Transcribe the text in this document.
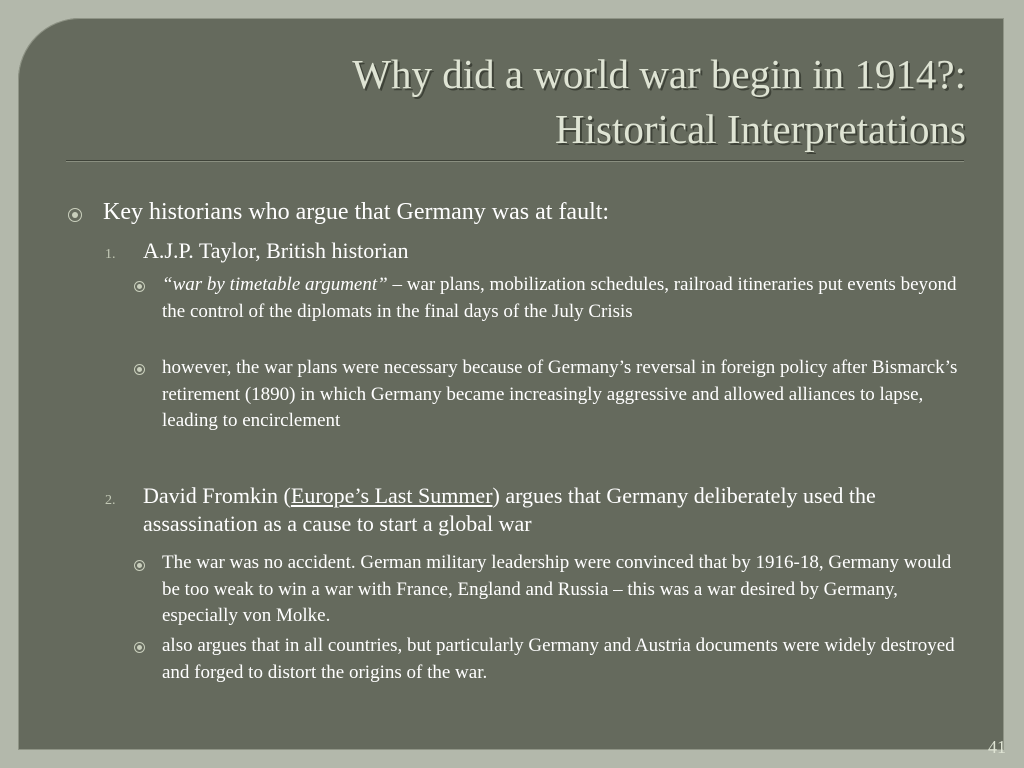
Why did a world war begin in 1914?:
Historical Interpretations
Key historians who argue that Germany was at fault:
1. A.J.P. Taylor, British historian
“war by timetable argument” – war plans, mobilization schedules, railroad itineraries put events beyond the control of the diplomats in the final days of the July Crisis
however, the war plans were necessary because of Germany’s reversal in foreign policy after Bismarck’s retirement (1890) in which Germany became increasingly aggressive and allowed alliances to lapse, leading to encirclement
2. David Fromkin (Europe’s Last Summer) argues that Germany deliberately used the assassination as a cause to start a global war
The war was no accident. German military leadership were convinced that by 1916-18, Germany would be too weak to win a war with France, England and Russia – this was a war desired by Germany, especially von Molke.
also argues that in all countries, but particularly Germany and Austria documents were widely destroyed and forged to distort the origins of the war.
41
